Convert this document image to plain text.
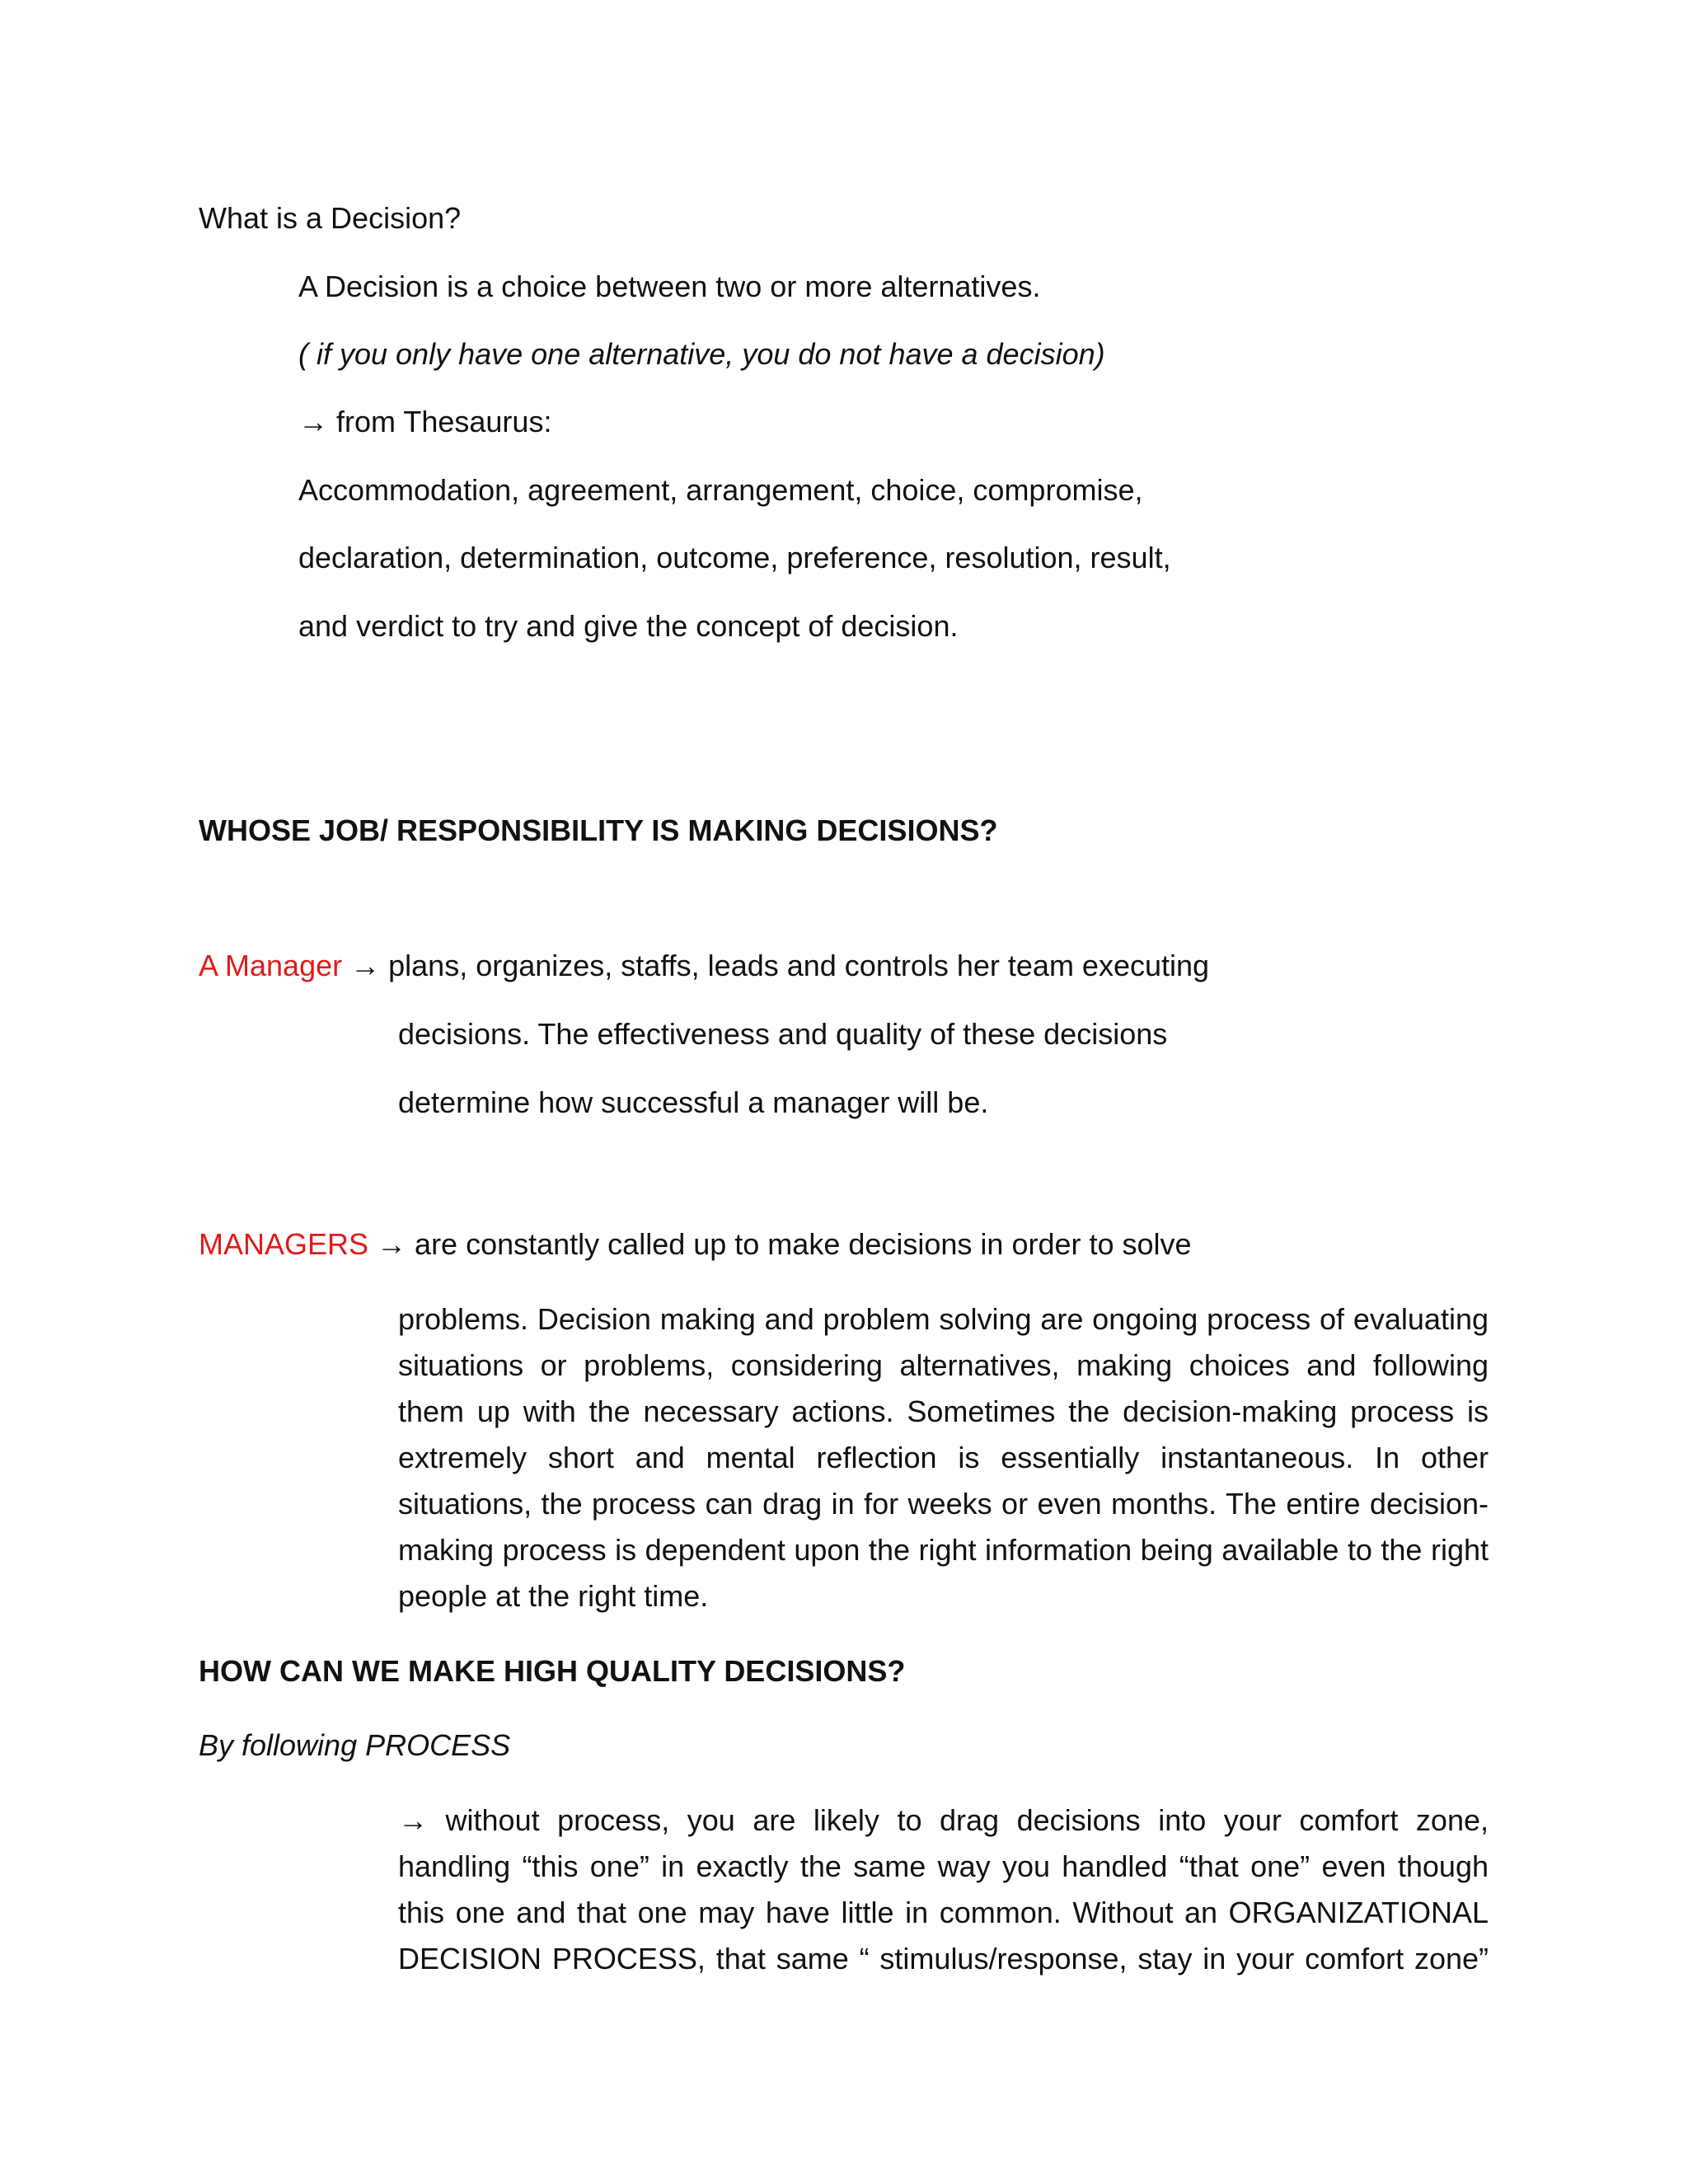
What is a Decision?
A Decision is a choice between two or more alternatives.
( if you only have one alternative, you do not have a decision)
→ from Thesaurus:
Accommodation, agreement, arrangement, choice, compromise,
declaration, determination, outcome, preference, resolution, result,
and verdict to try and give the concept of decision.
WHOSE JOB/ RESPONSIBILITY IS MAKING DECISIONS?
A Manager → plans, organizes, staffs, leads and controls her team executing
decisions. The effectiveness and quality of these decisions
determine how successful a manager will be.
MANAGERS → are constantly called up to make decisions in order to solve
problems. Decision making and problem solving are ongoing process of evaluating situations or problems, considering alternatives, making choices and following them up with the necessary actions. Sometimes the decision-making process is extremely short and mental reflection is essentially instantaneous. In other situations, the process can drag in for weeks or even months. The entire decision-making process is dependent upon the right information being available to the right people at the right time.
HOW CAN WE MAKE HIGH QUALITY DECISIONS?
By following PROCESS
→ without process, you are likely to drag decisions into your comfort zone, handling “this one” in exactly the same way you handled “that one” even though this one and that one may have little in common. Without an ORGANIZATIONAL DECISION PROCESS, that same “ stimulus/response, stay in your comfort zone”
